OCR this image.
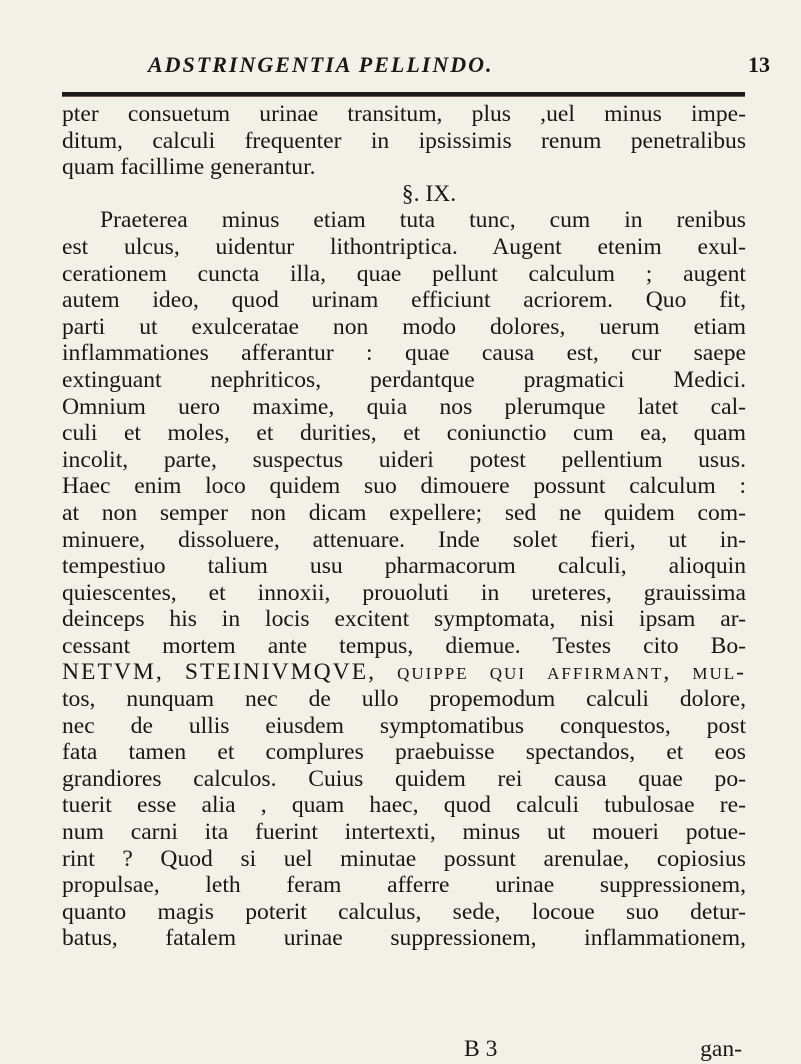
ADSTRINGENTIA PELLINDO.	13
pter consuetum urinae transitum, plus ,uel minus impe-
ditum, calculi frequenter in ipsissimis renum penetralibus
quam facillime generantur.
§. IX.
Praeterea minus etiam tuta tunc, cum in renibus
est ulcus, uidentur lithontriptica. Augent etenim exul-
cerationem cuncta illa, quae pellunt calculum ; augent
autem ideo, quod urinam efficiunt acriorem. Quo fit,
parti ut exulceratae non modo dolores, uerum etiam
inflammationes afferantur : quae causa est, cur saepe
extinguant nephriticos, perdantque pragmatici Medici.
Omnium uero maxime, quia nos plerumque latet cal-
culi et moles, et durities, et coniunctio cum ea, quam
incolit, parte, suspectus uideri potest pellentium usus.
Haec enim loco quidem suo dimouere possunt calculum :
at non semper non dicam expellere; sed ne quidem com-
minuere, dissoluere, attenuare. Inde solet fieri, ut in-
tempestiuo talium usu pharmacorum calculi, alioquin
quiescentes, et innoxii, prouoluti in ureteres, grauissima
deinceps his in locis excitent symptomata, nisi ipsam ar-
cessant mortem ante tempus, diemue. Testes cito Bo-
NETVM, STEINIVMQVE, quippe qui affirmant, mul-
tos, nunquam nec de ullo propemodum calculi dolore,
nec de ullis eiusdem symptomatibus conquestos, post
fata tamen et complures praebuisse spectandos, et eos
grandiores calculos. Cuius quidem rei causa quae po-
tuerit esse alia , quam haec, quod calculi tubulosae re-
num carni ita fuerint intertexti, minus ut moueri potue-
rint ? Quod si uel minutae possunt arenulae, copiosius
propulsae, leth feram afferre urinae suppressionem,
quanto magis poterit calculus, sede, locoue suo detur-
batus, fatalem urinae suppressionem, inflammationem,
B 3	gan-
